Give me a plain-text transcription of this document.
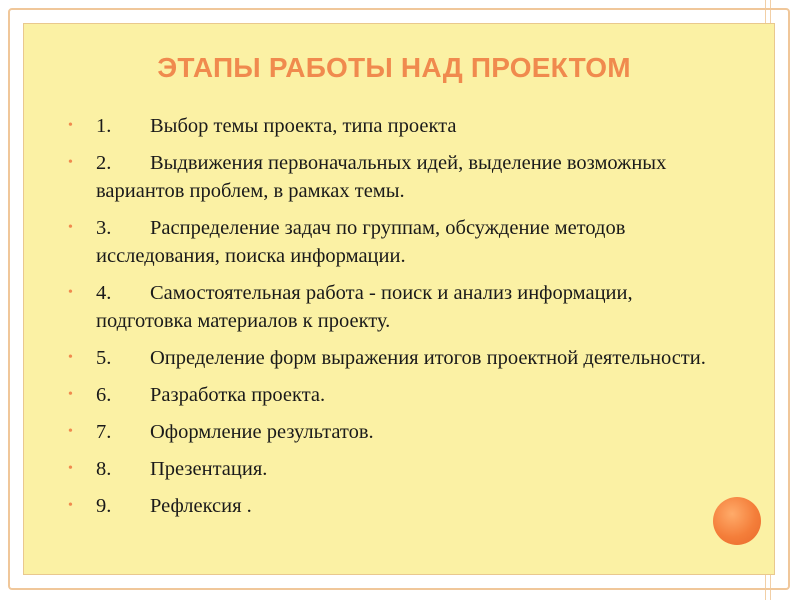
ЭТАПЫ РАБОТЫ НАД ПРОЕКТОМ
• 1. Выбор темы проекта, типа проекта
• 2. Выдвижения первоначальных идей, выделение возможных вариантов проблем, в рамках темы.
• 3. Распределение задач по группам, обсуждение методов исследования, поиска информации.
• 4. Самостоятельная работа - поиск и анализ информации, подготовка материалов к проекту.
• 5. Определение форм выражения итогов проектной деятельности.
• 6. Разработка проекта.
• 7. Оформление результатов.
• 8. Презентация.
• 9. Рефлексия .
